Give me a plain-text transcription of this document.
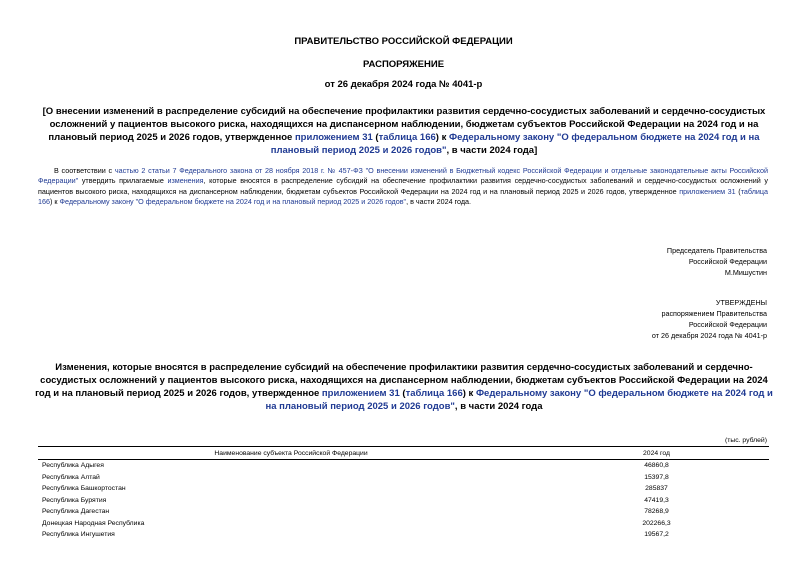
ПРАВИТЕЛЬСТВО РОССИЙСКОЙ ФЕДЕРАЦИИ
РАСПОРЯЖЕНИЕ
от 26 декабря 2024 года № 4041-р
[О внесении изменений в распределение субсидий на обеспечение профилактики развития сердечно-сосудистых заболеваний и сердечно-сосудистых осложнений у пациентов высокого риска, находящихся на диспансерном наблюдении, бюджетам субъектов Российской Федерации на 2024 год и на плановый период 2025 и 2026 годов, утвержденное приложением 31 (таблица 166) к Федеральному закону "О федеральном бюджете на 2024 год и на плановый период 2025 и 2026 годов", в части 2024 года]
В соответствии с частью 2 статьи 7 Федерального закона от 28 ноября 2018 г. № 457-ФЗ "О внесении изменений в Бюджетный кодекс Российской Федерации и отдельные законодательные акты Российской Федерации" утвердить прилагаемые изменения, которые вносятся в распределение субсидий на обеспечение профилактики развития сердечно-сосудистых заболеваний и сердечно-сосудистых осложнений у пациентов высокого риска, находящихся на диспансерном наблюдении, бюджетам субъектов Российской Федерации на 2024 год и на плановый период 2025 и 2026 годов, утвержденное приложением 31 (таблица 166) к Федеральному закону "О федеральном бюджете на 2024 год и на плановый период 2025 и 2026 годов", в части 2024 года.
Председатель Правительства
Российской Федерации
М.Мишустин
УТВЕРЖДЕНЫ
распоряжением Правительства
Российской Федерации
от 26 декабря 2024 года № 4041-р
Изменения, которые вносятся в распределение субсидий на обеспечение профилактики развития сердечно-сосудистых заболеваний и сердечно-сосудистых осложнений у пациентов высокого риска, находящихся на диспансерном наблюдении, бюджетам субъектов Российской Федерации на 2024 год и на плановый период 2025 и 2026 годов, утвержденное приложением 31 (таблица 166) к Федеральному закону "О федеральном бюджете на 2024 год и на плановый период 2025 и 2026 годов", в части 2024 года
(тыс. рублей)
Наименование субъекта Российской Федерации	2024 год
Республика Адыгея	46860,8
Республика Алтай	15397,8
Республика Башкортостан	285837
Республика Бурятия	47419,3
Республика Дагестан	78268,9
Донецкая Народная Республика	202266,3
Республика Ингушетия	19567,2
